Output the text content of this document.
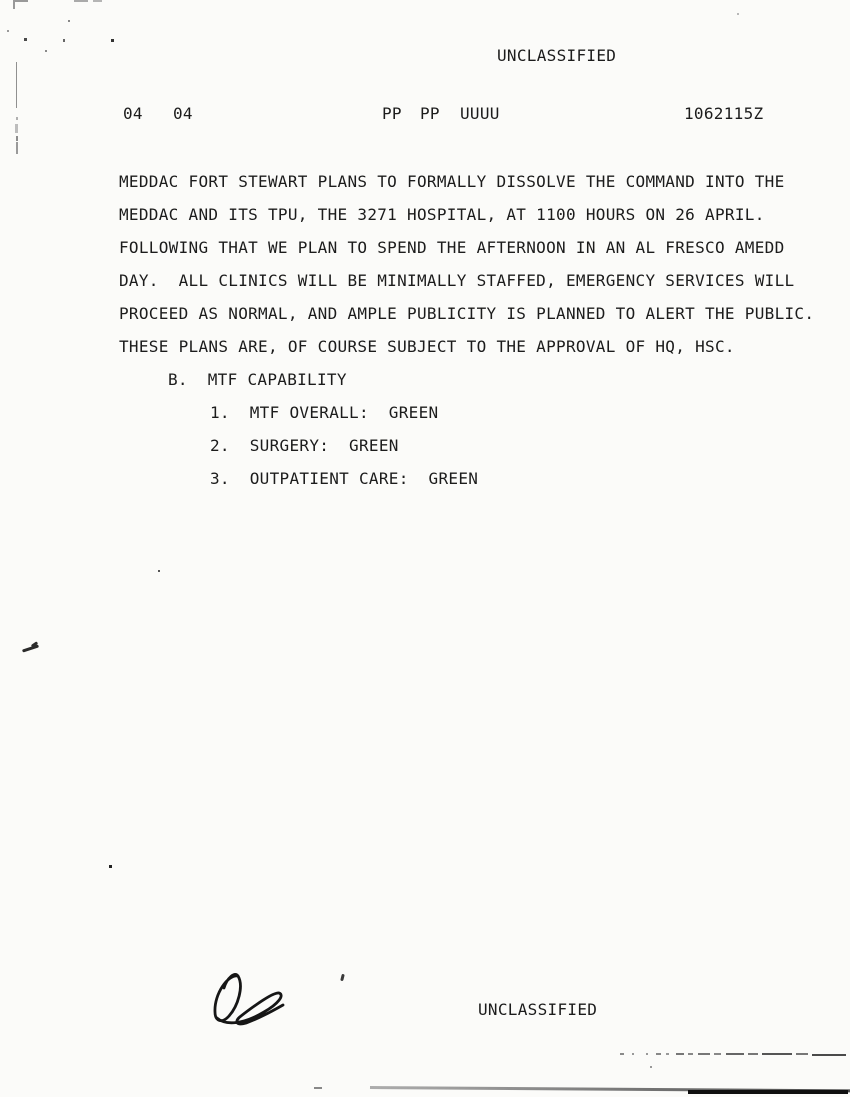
UNCLASSIFIED
04 04	PP PP UUUU	1062115Z
MEDDAC FORT STEWART PLANS TO FORMALLY DISSOLVE THE COMMAND INTO THE
MEDDAC AND ITS TPU, THE 3271 HOSPITAL, AT 1100 HOURS ON 26 APRIL.
FOLLOWING THAT WE PLAN TO SPEND THE AFTERNOON IN AN AL FRESCO AMEDD
DAY.  ALL CLINICS WILL BE MINIMALLY STAFFED, EMERGENCY SERVICES WILL
PROCEED AS NORMAL, AND AMPLE PUBLICITY IS PLANNED TO ALERT THE PUBLIC.
THESE PLANS ARE, OF COURSE SUBJECT TO THE APPROVAL OF HQ, HSC.
B.  MTF CAPABILITY
1.  MTF OVERALL:  GREEN
2.  SURGERY:  GREEN
3.  OUTPATIENT CARE:  GREEN
UNCLASSIFIED
